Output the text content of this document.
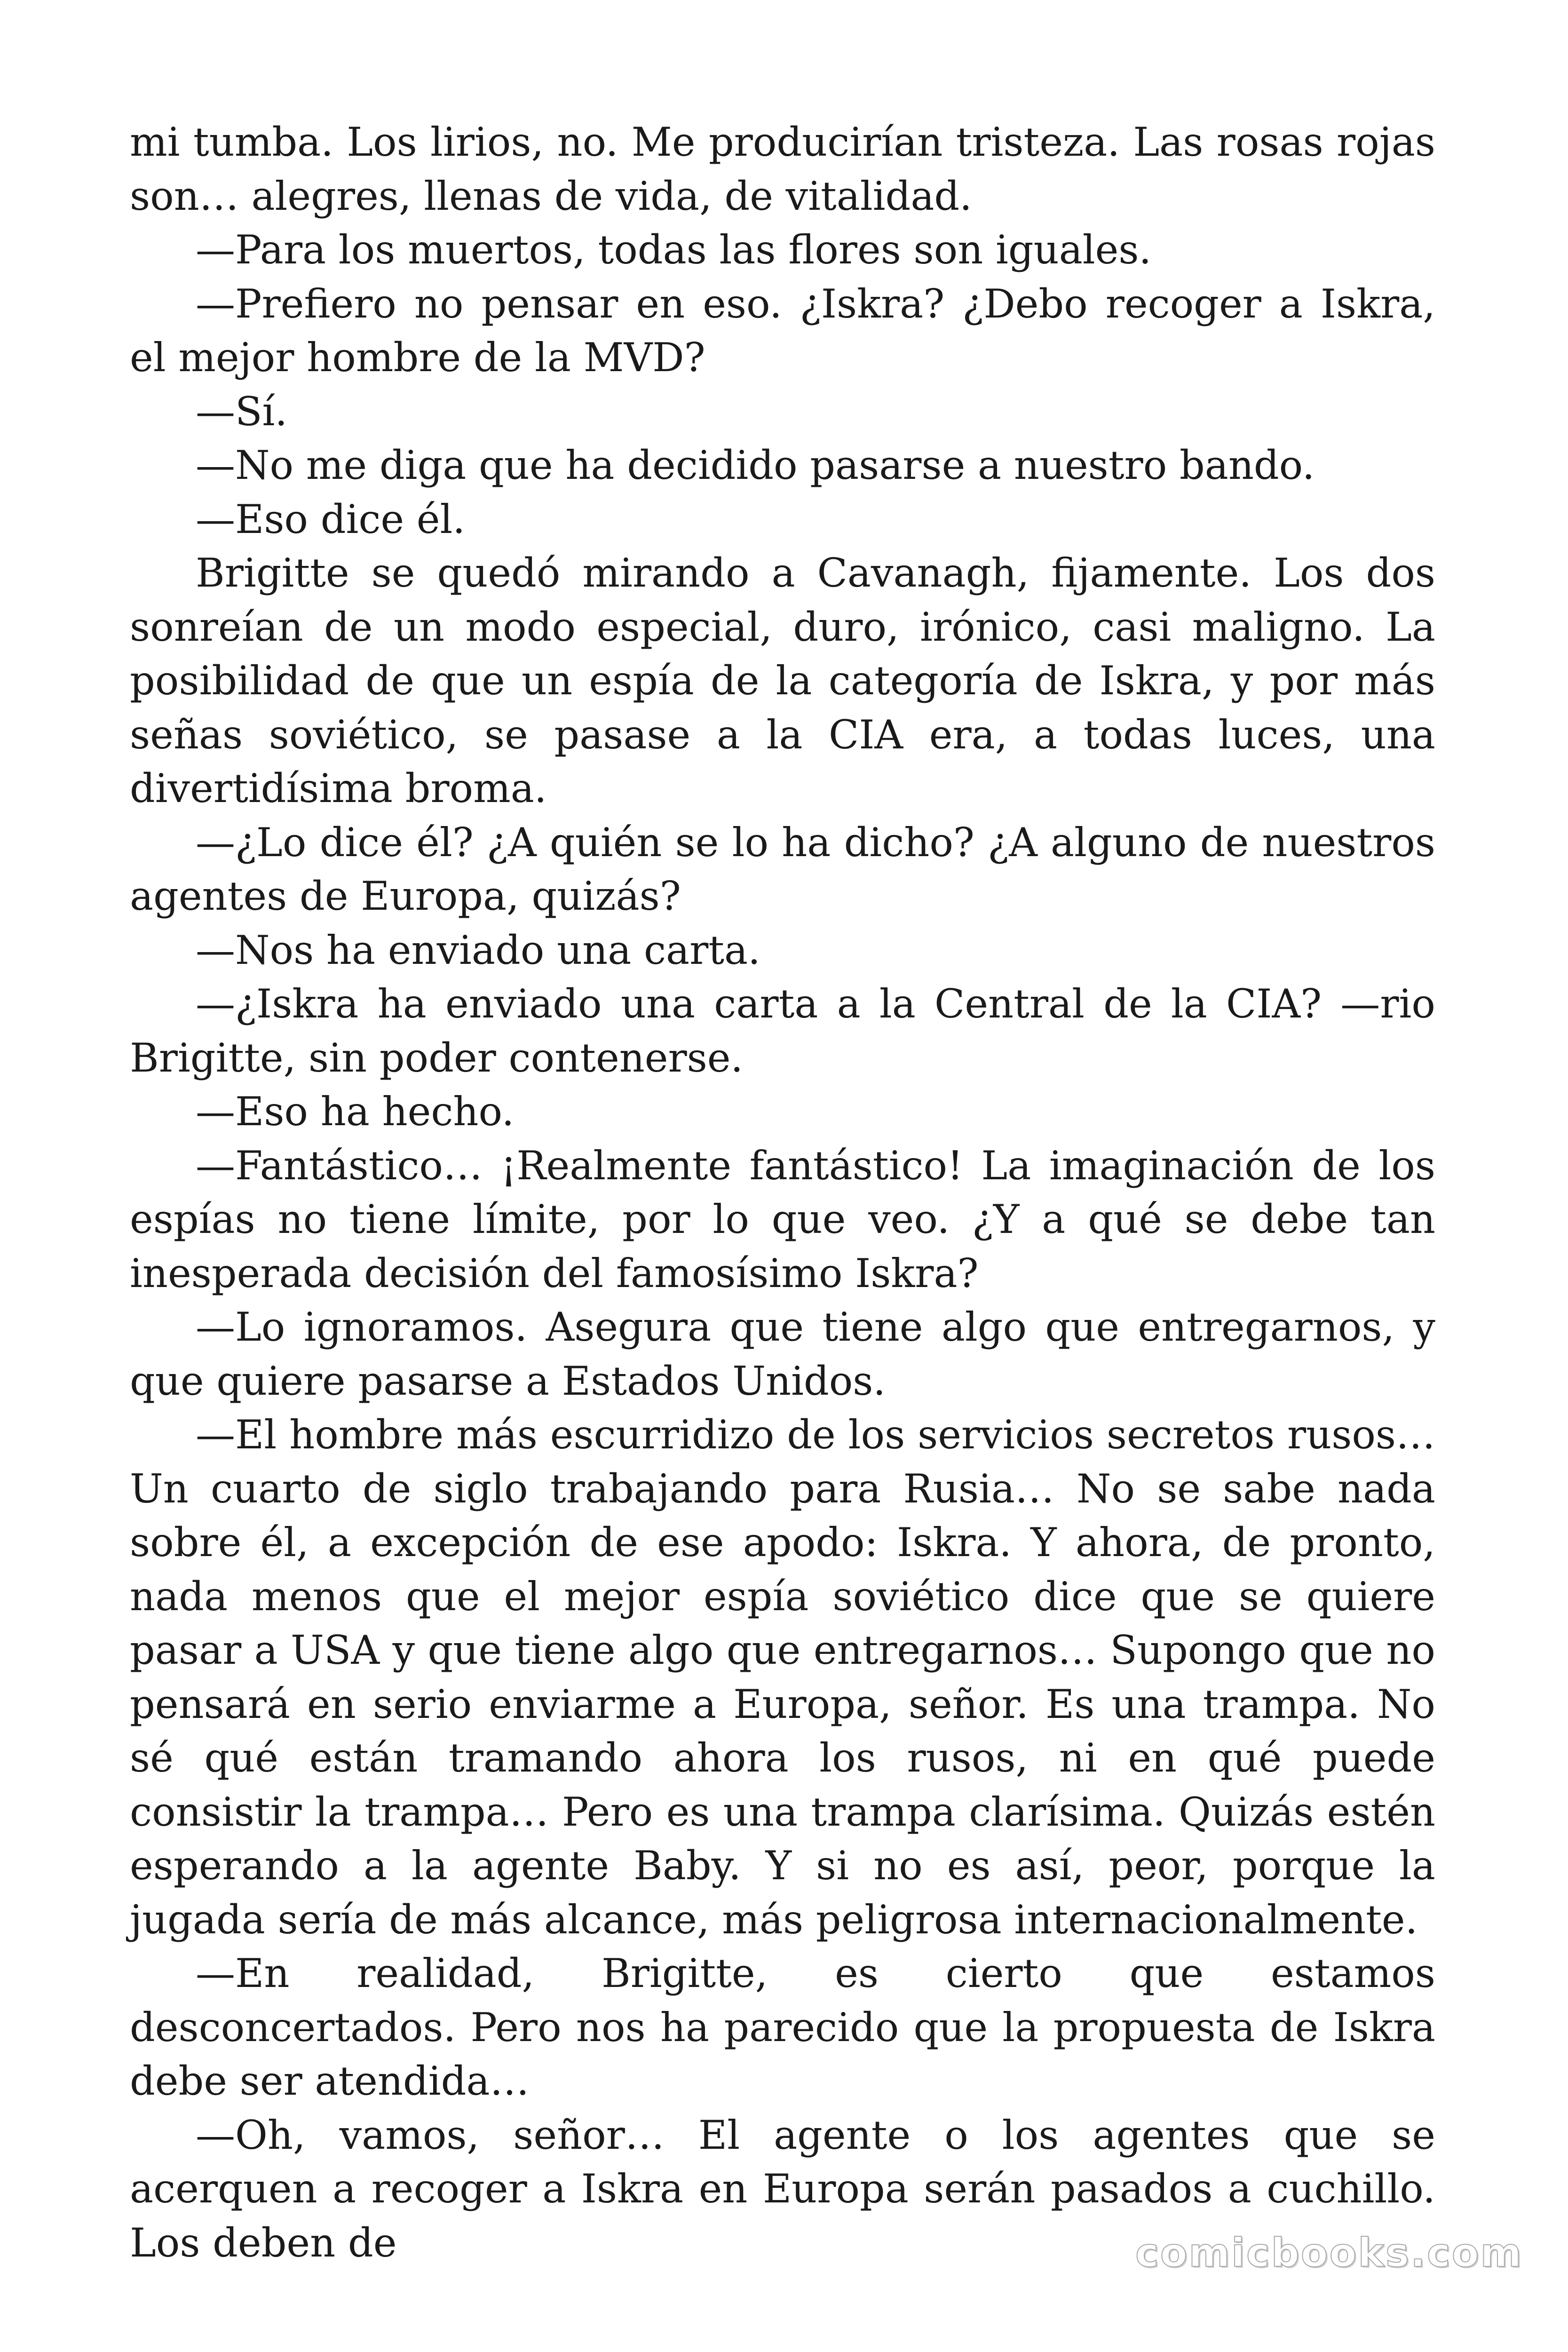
mi tumba. Los lirios, no. Me producirían tristeza. Las rosas rojas son… alegres, llenas de vida, de vitalidad.

—Para los muertos, todas las flores son iguales.

—Prefiero no pensar en eso. ¿Iskra? ¿Debo recoger a Iskra, el mejor hombre de la MVD?

—Sí.

—No me diga que ha decidido pasarse a nuestro bando.

—Eso dice él.

Brigitte se quedó mirando a Cavanagh, fijamente. Los dos sonreían de un modo especial, duro, irónico, casi maligno. La posibilidad de que un espía de la categoría de Iskra, y por más señas soviético, se pasase a la CIA era, a todas luces, una divertidísima broma.

—¿Lo dice él? ¿A quién se lo ha dicho? ¿A alguno de nuestros agentes de Europa, quizás?

—Nos ha enviado una carta.

—¿Iskra ha enviado una carta a la Central de la CIA? —rio Brigitte, sin poder contenerse.

—Eso ha hecho.

—Fantástico… ¡Realmente fantástico! La imaginación de los espías no tiene límite, por lo que veo. ¿Y a qué se debe tan inesperada decisión del famosísimo Iskra?

—Lo ignoramos. Asegura que tiene algo que entregarnos, y que quiere pasarse a Estados Unidos.

—El hombre más escurridizo de los servicios secretos rusos… Un cuarto de siglo trabajando para Rusia… No se sabe nada sobre él, a excepción de ese apodo: Iskra. Y ahora, de pronto, nada menos que el mejor espía soviético dice que se quiere pasar a USA y que tiene algo que entregarnos… Supongo que no pensará en serio enviarme a Europa, señor. Es una trampa. No sé qué están tramando ahora los rusos, ni en qué puede consistir la trampa… Pero es una trampa clarísima. Quizás estén esperando a la agente Baby. Y si no es así, peor, porque la jugada sería de más alcance, más peligrosa internacionalmente.

—En realidad, Brigitte, es cierto que estamos desconcertados. Pero nos ha parecido que la propuesta de Iskra debe ser atendida…

—Oh, vamos, señor… El agente o los agentes que se acerquen a recoger a Iskra en Europa serán pasados a cuchillo. Los deben de	comicbooks.com
